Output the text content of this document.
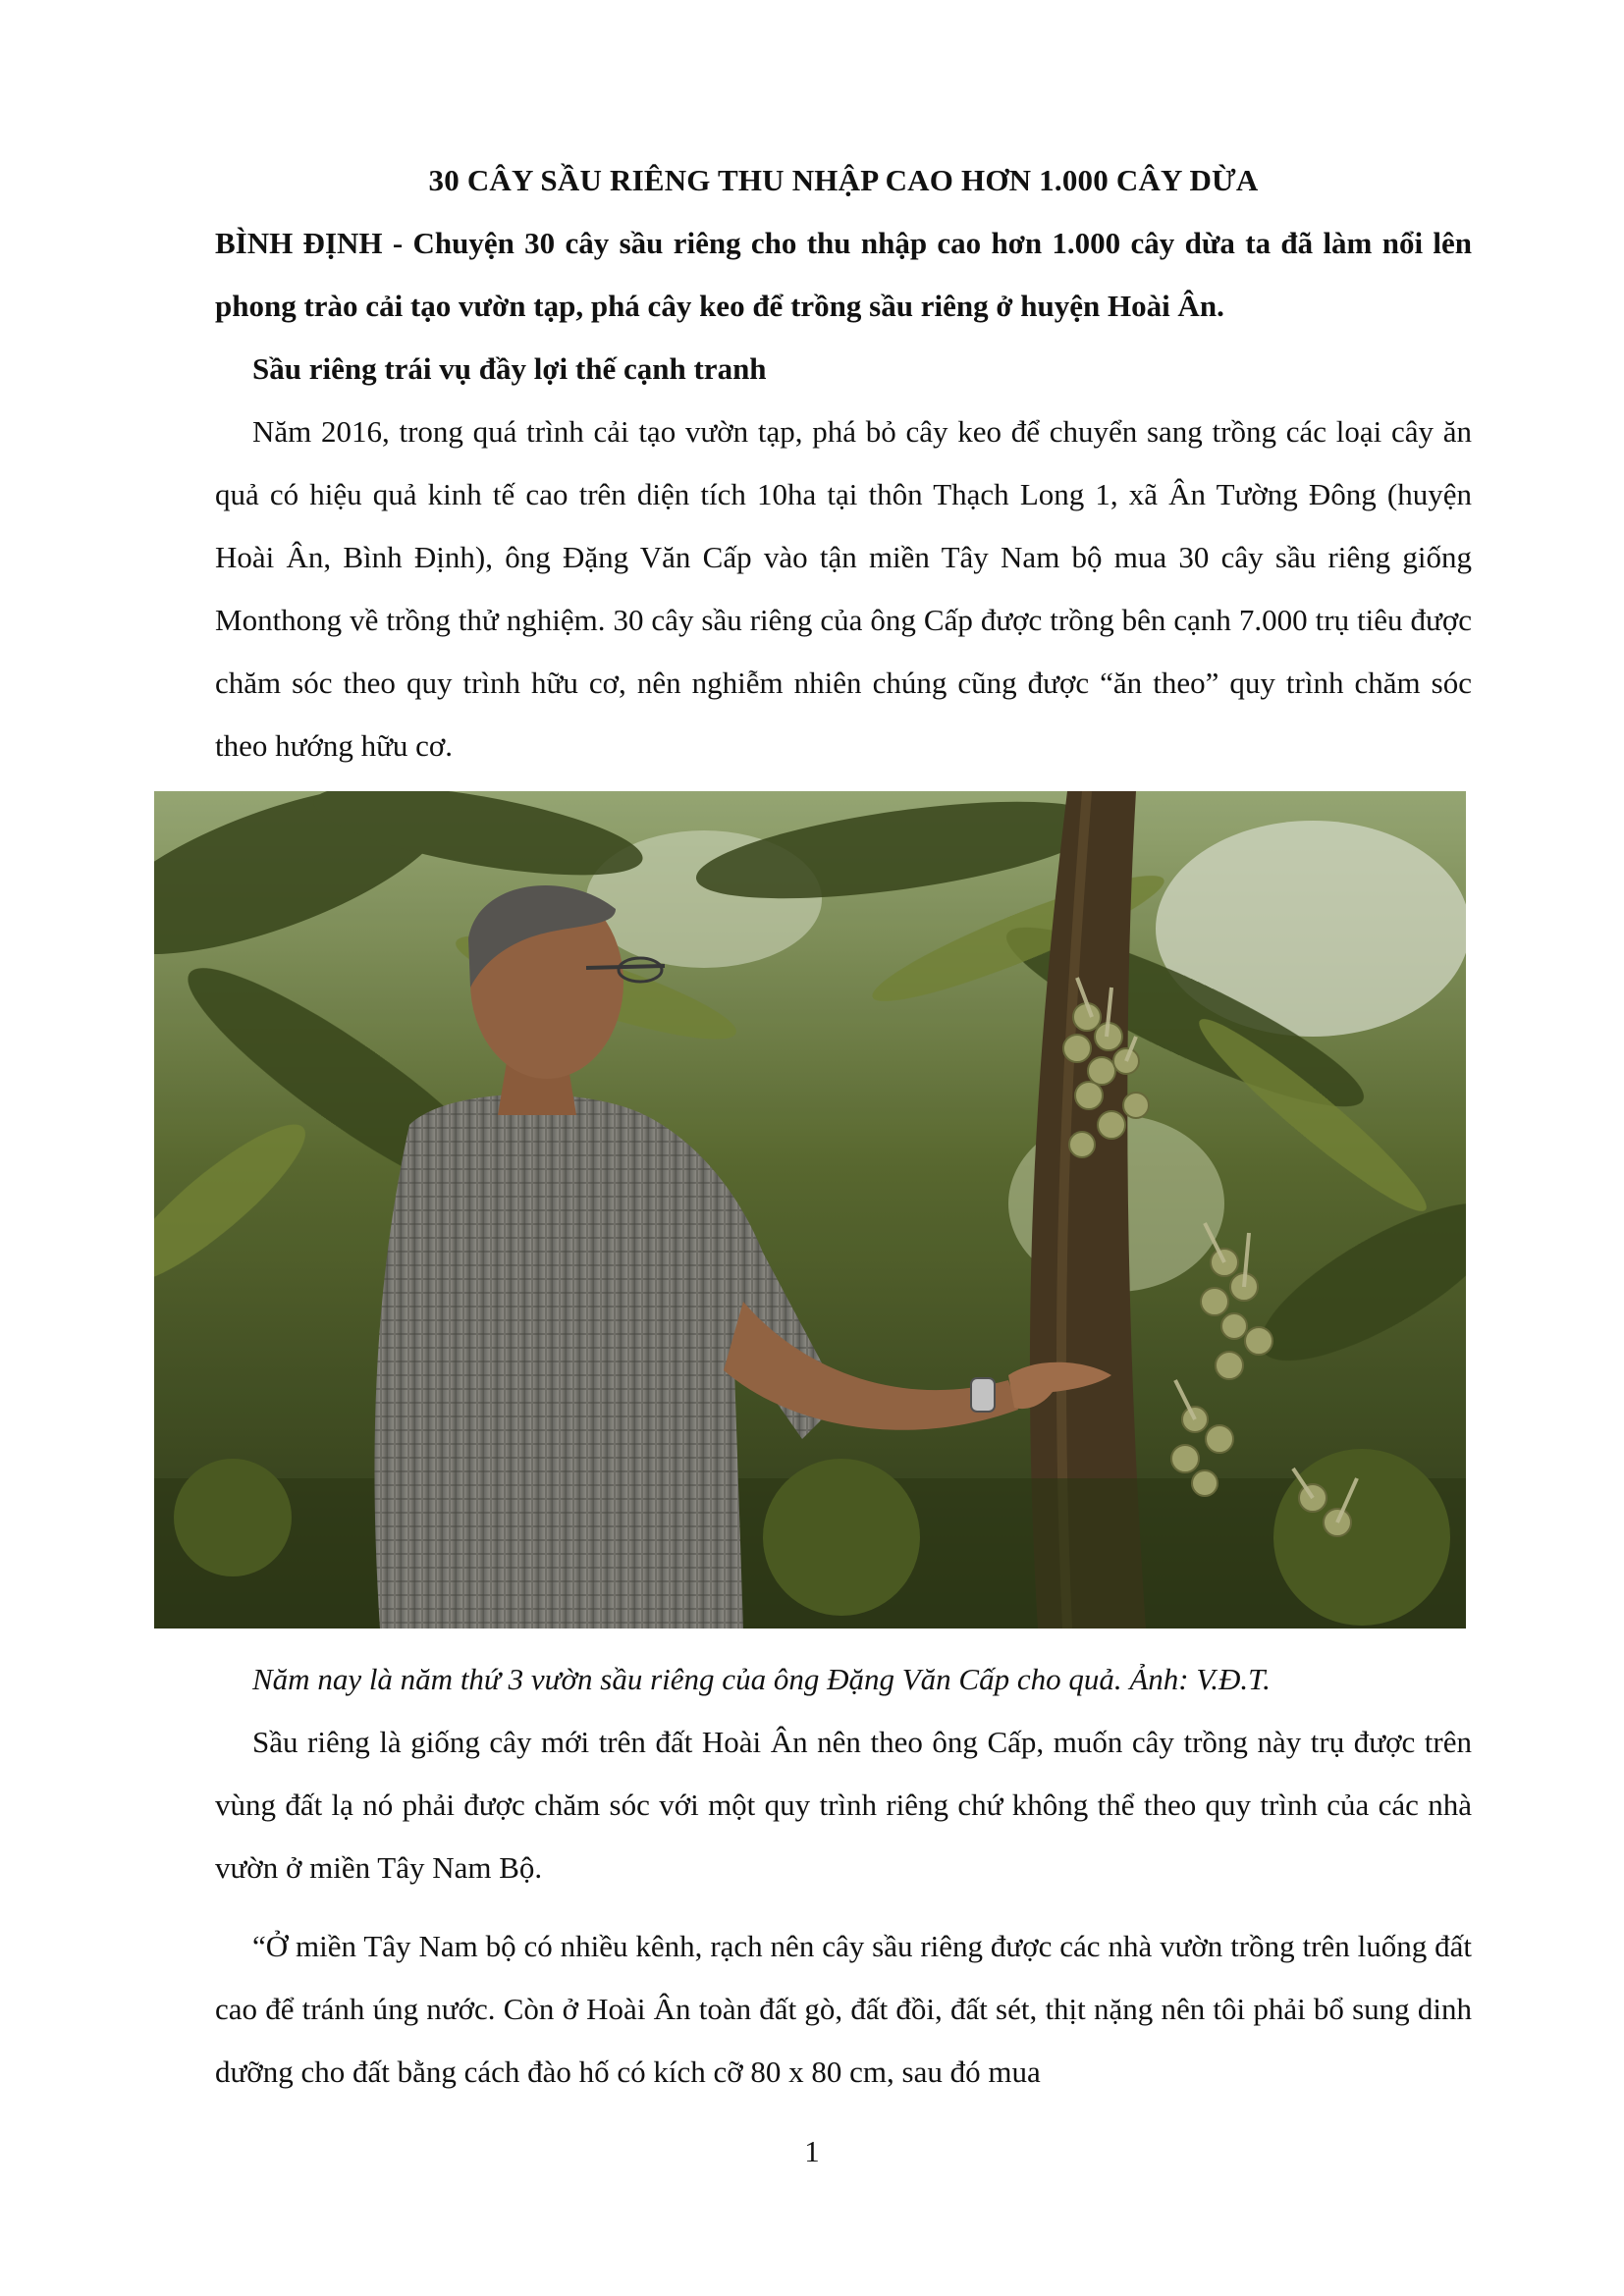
30 CÂY SẦU RIÊNG THU NHẬP CAO HƠN 1.000 CÂY DỪA

BÌNH ĐỊNH - Chuyện 30 cây sầu riêng cho thu nhập cao hơn 1.000 cây dừa ta đã làm nổi lên phong trào cải tạo vườn tạp, phá cây keo để trồng sầu riêng ở huyện Hoài Ân.

Sầu riêng trái vụ đầy lợi thế cạnh tranh

Năm 2016, trong quá trình cải tạo vườn tạp, phá bỏ cây keo để chuyển sang trồng các loại cây ăn quả có hiệu quả kinh tế cao trên diện tích 10ha tại thôn Thạch Long 1, xã Ân Tường Đông (huyện Hoài Ân, Bình Định), ông Đặng Văn Cấp vào tận miền Tây Nam bộ mua 30 cây sầu riêng giống Monthong về trồng thử nghiệm. 30 cây sầu riêng của ông Cấp được trồng bên cạnh 7.000 trụ tiêu được chăm sóc theo quy trình hữu cơ, nên nghiễm nhiên chúng cũng được “ăn theo” quy trình chăm sóc theo hướng hữu cơ.

Năm nay là năm thứ 3 vườn sầu riêng của ông Đặng Văn Cấp cho quả. Ảnh: V.Đ.T.

Sầu riêng là giống cây mới trên đất Hoài Ân nên theo ông Cấp, muốn cây trồng này trụ được trên vùng đất lạ nó phải được chăm sóc với một quy trình riêng chứ không thể theo quy trình của các nhà vườn ở miền Tây Nam Bộ.

“Ở miền Tây Nam bộ có nhiều kênh, rạch nên cây sầu riêng được các nhà vườn trồng trên luống đất cao để tránh úng nước. Còn ở Hoài Ân toàn đất gò, đất đồi, đất sét, thịt nặng nên tôi phải bổ sung dinh dưỡng cho đất bằng cách đào hố có kích cỡ 80 x 80 cm, sau đó mua

1
